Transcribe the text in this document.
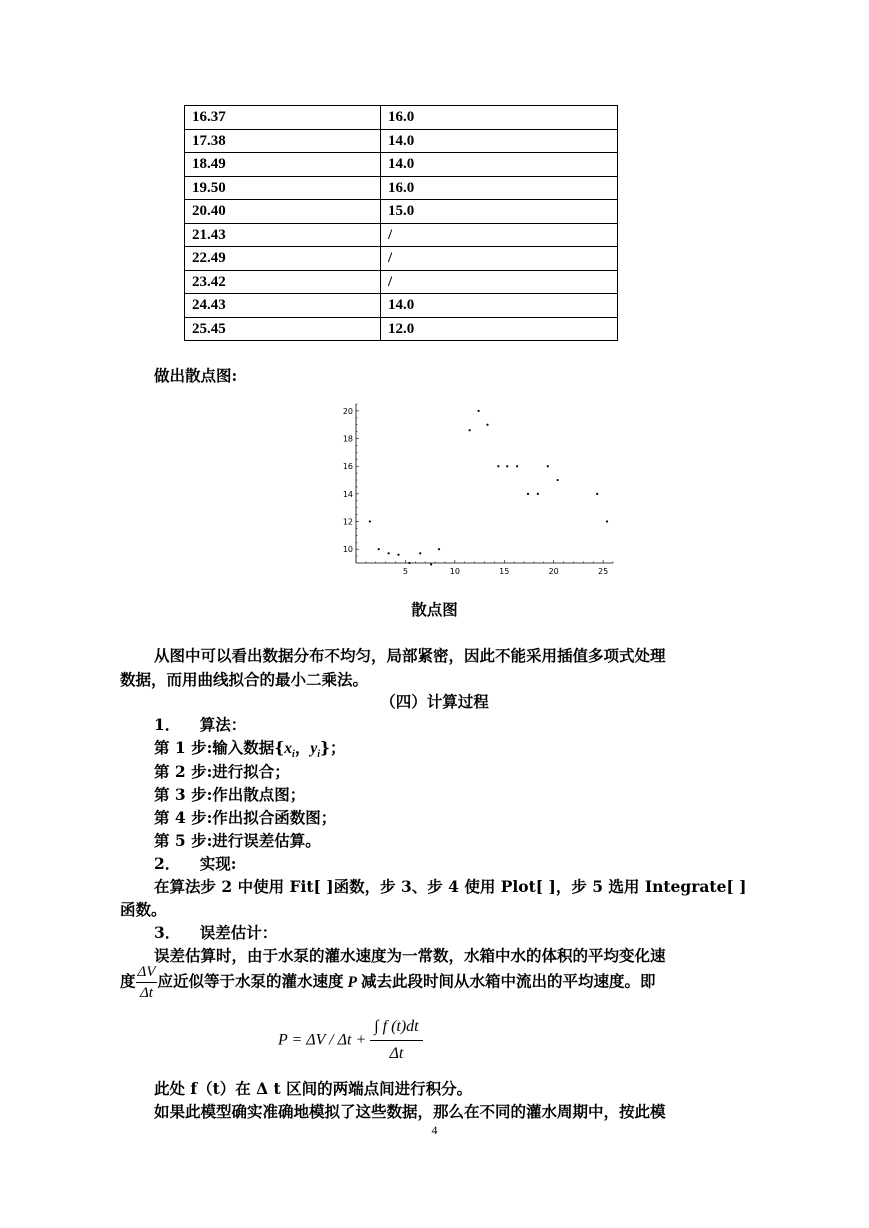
16.37	16.0
17.38	14.0
18.49	14.0
19.50	16.0
20.40	15.0
21.43	/
22.49	/
23.42	/
24.43	14.0
25.45	12.0
做出散点图:
5	10	15	20	25
10
12
14
16
18
20
散点图
从图中可以看出数据分布不均匀，局部紧密，因此不能采用插值多项式处理
数据，而用曲线拟合的最小二乘法。
（四）计算过程
1． 算法：
第 1 步:输入数据{$x_i$，$y_i$}；
第 2 步:进行拟合；
第 3 步:作出散点图；
第 4 步:作出拟合函数图；
第 5 步:进行误差估算。
2． 实现:
在算法步 2 中使用 Fit[ ]函数，步 3、步 4 使用 Plot[ ]，步 5 选用 Integrate[ ]
函数。
3． 误差估计：
误差估算时，由于水泵的灌水速度为一常数，水箱中水的体积的平均变化速
度 $\frac{\Delta V}{\Delta t}$ 应近似等于水泵的灌水速度 P 减去此段时间从水箱中流出的平均速度。即
$P = \Delta V / \Delta t + \frac{\int f (t)dt}{\Delta t}$
此处 f（t）在 Δ t 区间的两端点间进行积分。
如果此模型确实准确地模拟了这些数据，那么在不同的灌水周期中，按此模
4
